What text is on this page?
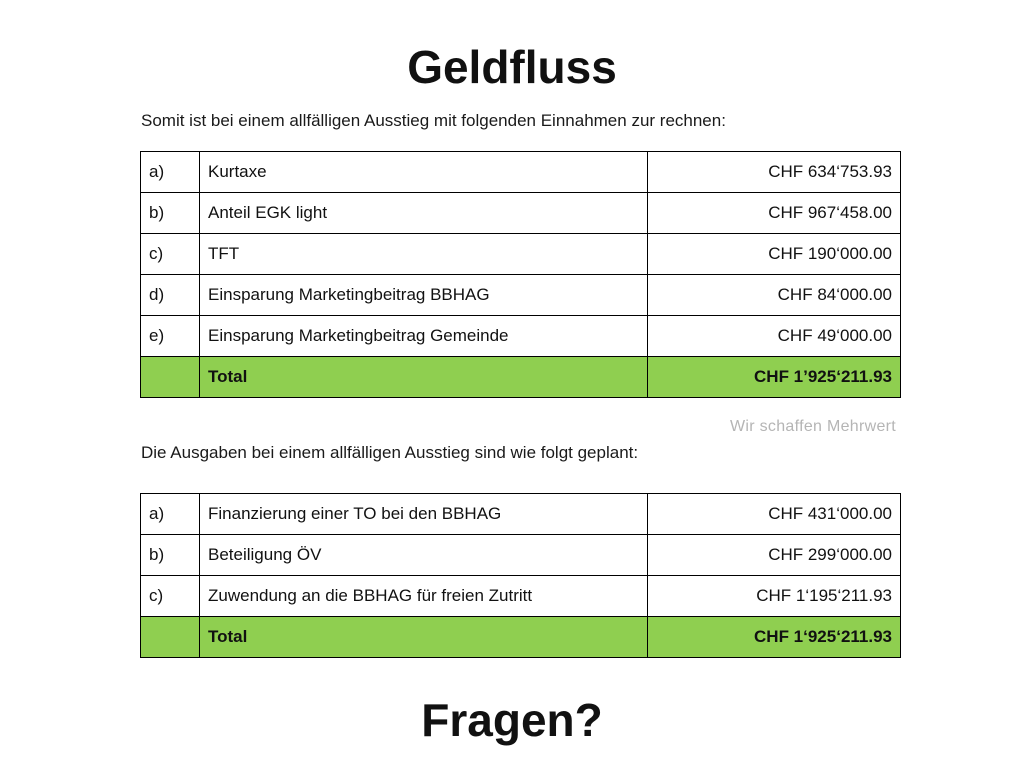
Geldfluss
Somit ist bei einem allfälligen Ausstieg mit folgenden Einnahmen zur rechnen:
a)	Kurtaxe	CHF 634‘753.93
b)	Anteil EGK light	CHF 967‘458.00
c)	TFT	CHF 190‘000.00
d)	Einsparung Marketingbeitrag BBHAG	CHF 84‘000.00
e)	Einsparung Marketingbeitrag Gemeinde	CHF 49‘000.00
	Total	CHF 1’925‘211.93
Wir schaffen Mehrwert
Die Ausgaben bei einem allfälligen Ausstieg sind wie folgt geplant:
a)	Finanzierung einer TO bei den BBHAG	CHF 431‘000.00
b)	Beteiligung ÖV	CHF 299‘000.00
c)	Zuwendung an die BBHAG für freien Zutritt	CHF 1‘195‘211.93
	Total	CHF 1‘925‘211.93
Fragen?
